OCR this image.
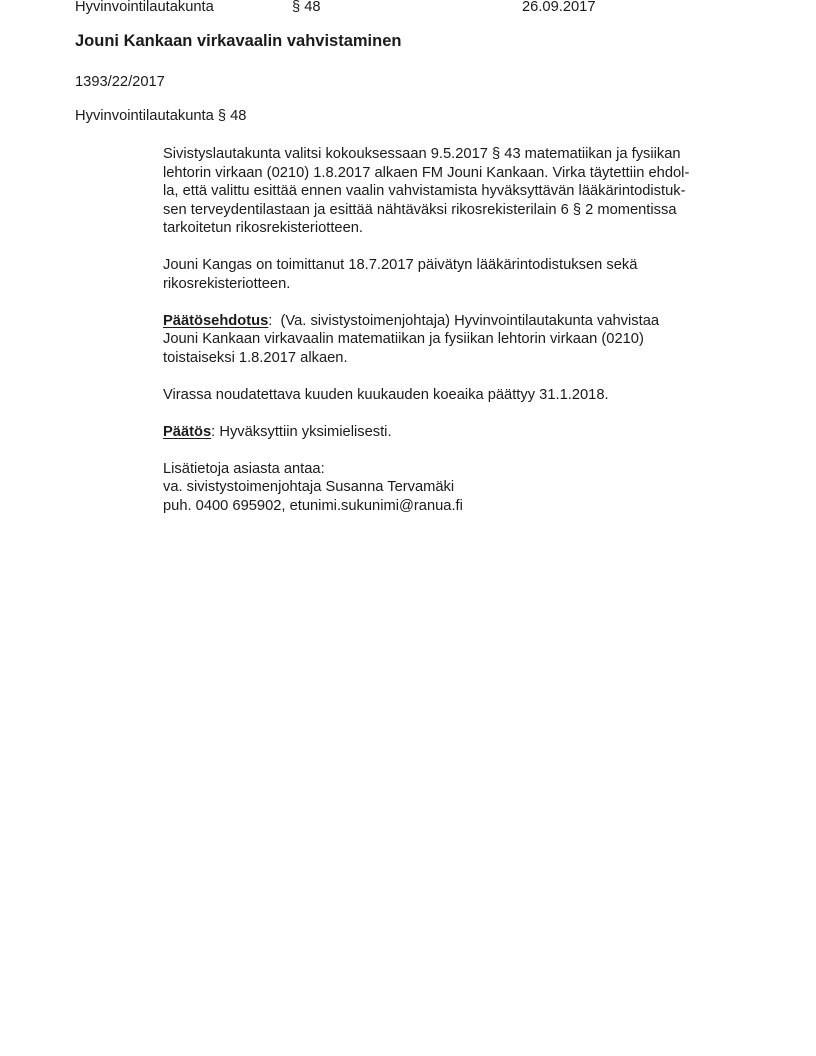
Hyvinvointilautakunta	§ 48	26.09.2017
Jouni Kankaan virkavaalin vahvistaminen
1393/22/2017
Hyvinvointilautakunta § 48

Sivistyslautakunta valitsi kokouksessaan 9.5.2017 § 43 matematiikan ja fysiikan
lehtorin virkaan (0210) 1.8.2017 alkaen FM Jouni Kankaan. Virka täytettiin ehdol-
la, että valittu esittää ennen vaalin vahvistamista hyväksyttävän lääkärintodistuk-
sen terveydentilastaan ja esittää nähtäväksi rikosrekisterilain 6 § 2 momentissa
tarkoitetun rikosrekisteriotteen.

Jouni Kangas on toimittanut 18.7.2017 päivätyn lääkärintodistuksen sekä
rikosrekisteriotteen.

Päätösehdotus:  (Va. sivistystoimenjohtaja) Hyvinvointilautakunta vahvistaa
Jouni Kankaan virkavaalin matematiikan ja fysiikan lehtorin virkaan (0210)
toistaiseksi 1.8.2017 alkaen.

Virassa noudatettava kuuden kuukauden koeaika päättyy 31.1.2018.

Päätös: Hyväksyttiin yksimielisesti.

Lisätietoja asiasta antaa:
va. sivistystoimenjohtaja Susanna Tervamäki
puh. 0400 695902, etunimi.sukunimi@ranua.fi
